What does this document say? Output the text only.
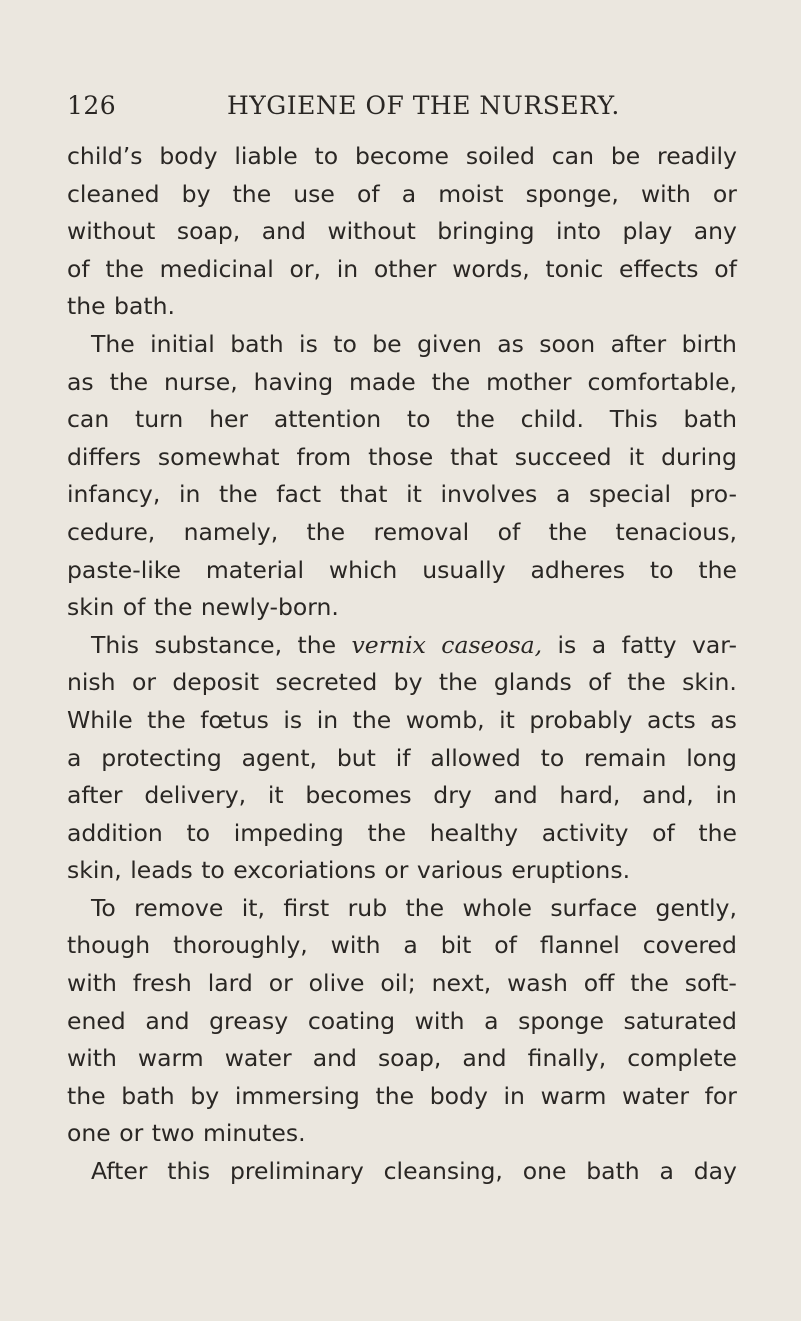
126	HYGIENE OF THE NURSERY.
child’s body liable to become soiled can be readily
cleaned by the use of a moist sponge, with or
without soap, and without bringing into play any
of the medicinal or, in other words, tonic effects of
the bath.
The initial bath is to be given as soon after birth
as the nurse, having made the mother comfortable,
can turn her attention to the child. This bath
differs somewhat from those that succeed it during
infancy, in the fact that it involves a special pro-
cedure, namely, the removal of the tenacious,
paste-like material which usually adheres to the
skin of the newly-born.
This substance, the vernix caseosa, is a fatty var-
nish or deposit secreted by the glands of the skin.
While the fœtus is in the womb, it probably acts as
a protecting agent, but if allowed to remain long
after delivery, it becomes dry and hard, and, in
addition to impeding the healthy activity of the
skin, leads to excoriations or various eruptions.
To remove it, first rub the whole surface gently,
though thoroughly, with a bit of flannel covered
with fresh lard or olive oil; next, wash off the soft-
ened and greasy coating with a sponge saturated
with warm water and soap, and finally, complete
the bath by immersing the body in warm water for
one or two minutes.
After this preliminary cleansing, one bath a day
